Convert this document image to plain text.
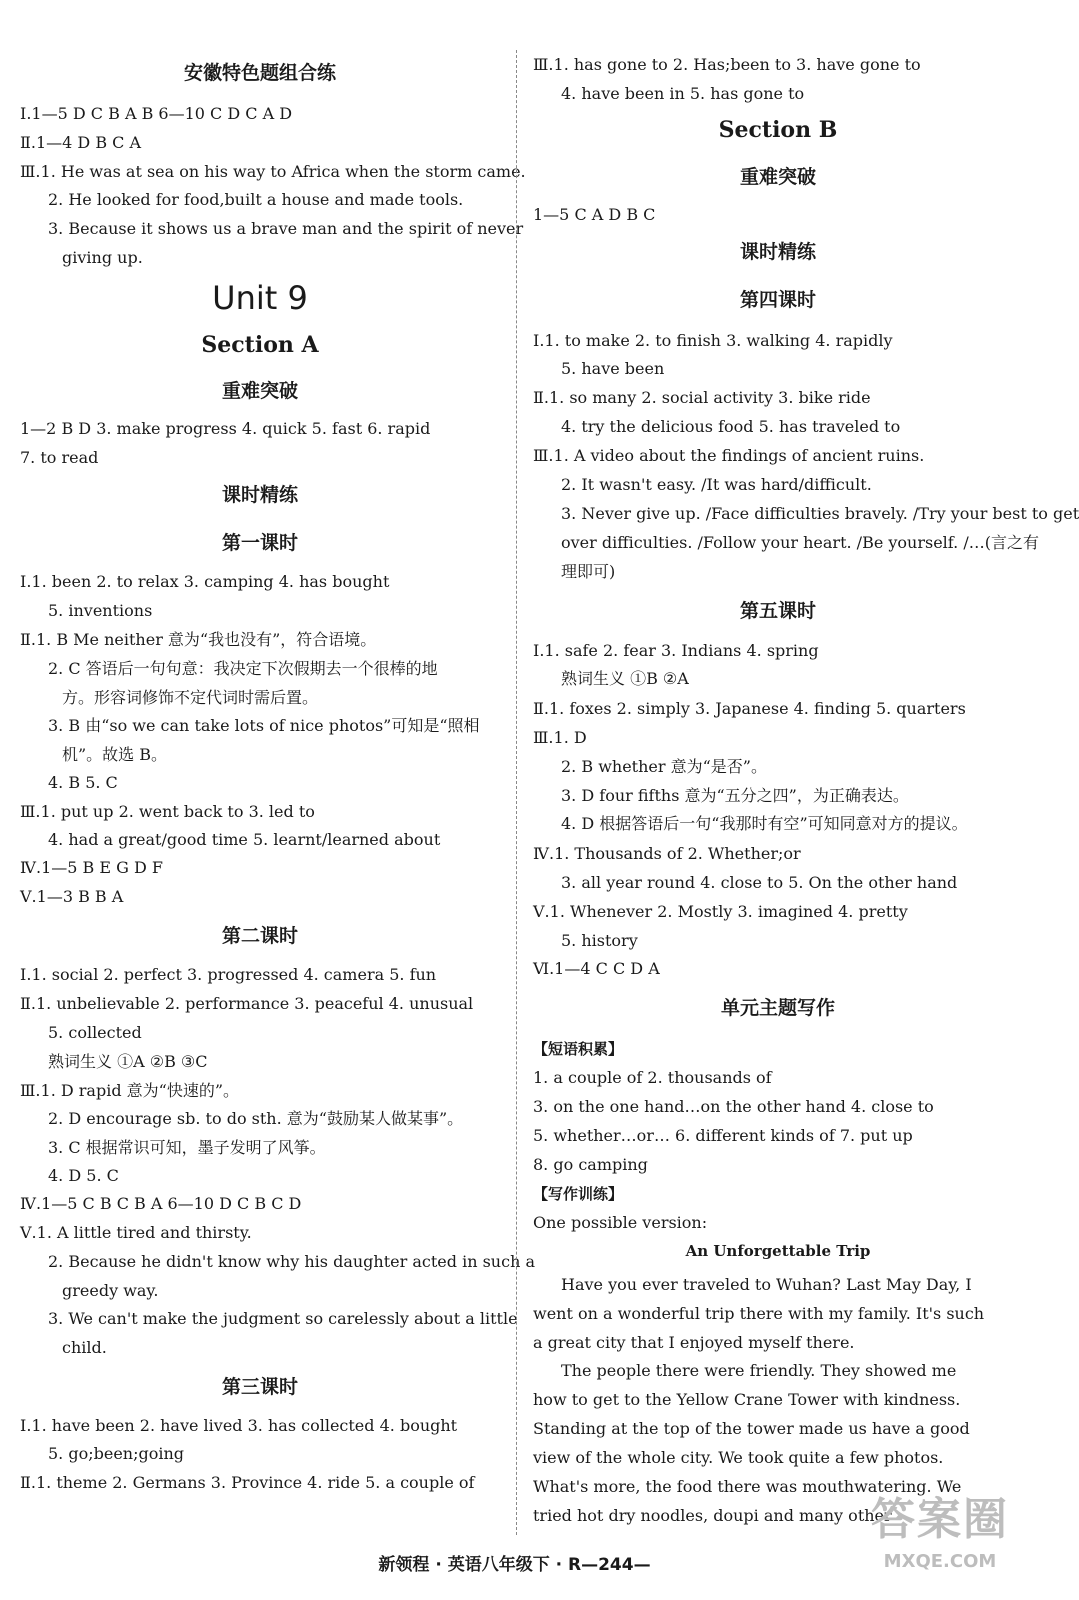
安徽特色题组合练
Ⅰ.1—5 D C B A B 6—10 C D C A D
Ⅱ.1—4 D B C A
Ⅲ.1. He was at sea on his way to Africa when the storm came.
2. He looked for food,built a house and made tools.
3. Because it shows us a brave man and the spirit of never
giving up.
Unit 9
Section A
重难突破
1—2 B D 3. make progress 4. quick 5. fast 6. rapid
7. to read
课时精练
第一课时
Ⅰ.1. been 2. to relax 3. camping 4. has bought
5. inventions
Ⅱ.1. B Me neither 意为“我也没有”，符合语境。
2. C 答语后一句句意：我决定下次假期去一个很棒的地
方。形容词修饰不定代词时需后置。
3. B 由“so we can take lots of nice photos”可知是“照相
机”。故选 B。
4. B 5. C
Ⅲ.1. put up 2. went back to 3. led to
4. had a great/good time 5. learnt/learned about
Ⅳ.1—5 B E G D F
Ⅴ.1—3 B B A
第二课时
Ⅰ.1. social 2. perfect 3. progressed 4. camera 5. fun
Ⅱ.1. unbelievable 2. performance 3. peaceful 4. unusual
5. collected
熟词生义 ①A ②B ③C
Ⅲ.1. D rapid 意为“快速的”。
2. D encourage sb. to do sth. 意为“鼓励某人做某事”。
3. C 根据常识可知，墨子发明了风筝。
4. D 5. C
Ⅳ.1—5 C B C B A 6—10 D C B C D
Ⅴ.1. A little tired and thirsty.
2. Because he didn't know why his daughter acted in such a
greedy way.
3. We can't make the judgment so carelessly about a little
child.
第三课时
Ⅰ.1. have been 2. have lived 3. has collected 4. bought
5. go;been;going
Ⅱ.1. theme 2. Germans 3. Province 4. ride 5. a couple of
Have you ever traveled to Wuhan? Last May Day, I went on a wonderful trip there with my family. It's such a great city that I enjoyed myself there.
The people there were friendly. They showed me how to get to the Yellow Crane Tower with kindness. Standing at the top of the tower made us have a good view of the whole city. We took quite a few photos. What's more, the food there was mouthwatering. We tried hot dry noodles, doupi and many other
Ⅲ.1. has gone to 2. Has;been to 3. have gone to
4. have been in 5. has gone to
Section B
重难突破
1—5 C A D B C
课时精练
第四课时
Ⅰ.1. to make 2. to finish 3. walking 4. rapidly
5. have been
Ⅱ.1. so many 2. social activity 3. bike ride
4. try the delicious food 5. has traveled to
Ⅲ.1. A video about the findings of ancient ruins.
2. It wasn't easy. /It was hard/difficult.
3. Never give up. /Face difficulties bravely. /Try your best to get
over difficulties. /Follow your heart. /Be yourself. /…(言之有
理即可)
第五课时
Ⅰ.1. safe 2. fear 3. Indians 4. spring
熟词生义 ①B ②A
Ⅱ.1. foxes 2. simply 3. Japanese 4. finding 5. quarters
Ⅲ.1. D
2. B whether 意为“是否”。
3. D four fifths 意为“五分之四”，为正确表达。
4. D 根据答语后一句“我那时有空”可知同意对方的提议。
Ⅳ.1. Thousands of 2. Whether;or
3. all year round 4. close to 5. On the other hand
Ⅴ.1. Whenever 2. Mostly 3. imagined 4. pretty
5. history
Ⅵ.1—4 C C D A
单元主题写作
【短语积累】
1. a couple of 2. thousands of
3. on the one hand…on the other hand 4. close to
5. whether…or… 6. different kinds of 7. put up
8. go camping
【写作训练】
One possible version:
An Unforgettable Trip
新领程 · 英语八年级下 · R—244—
答案圈
MXQE.COM
